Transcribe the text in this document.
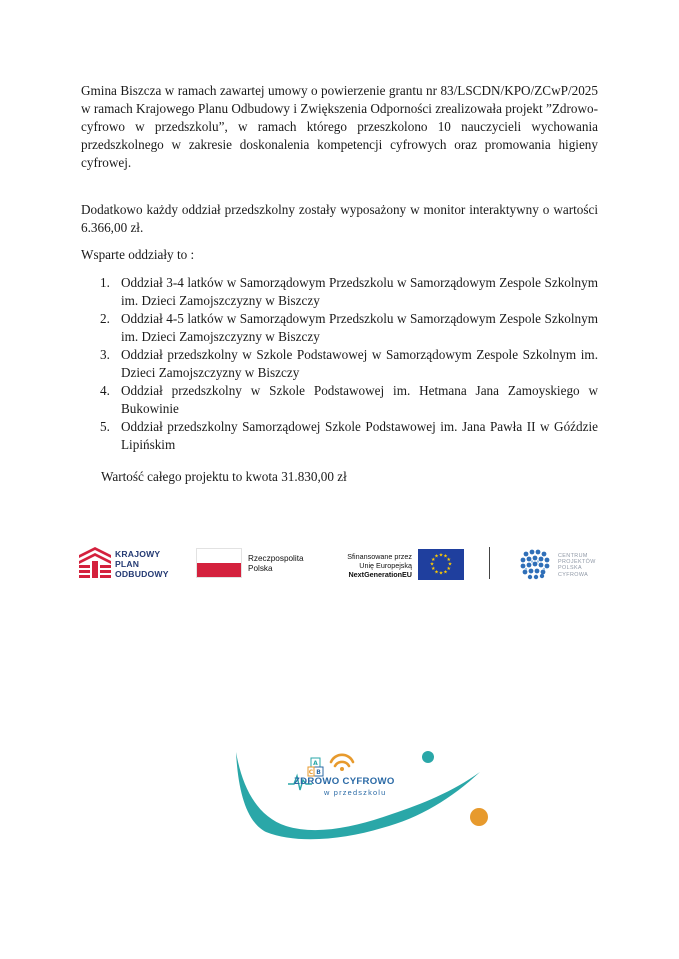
Gmina Biszcza w ramach zawartej umowy o powierzenie grantu nr 83/LSCDN/KPO/ZCwP/2025 w ramach Krajowego Planu Odbudowy i Zwiększenia Odporności zrealizowała projekt ”Zdrowo-cyfrowo w przedszkolu”, w ramach którego przeszkolono 10 nauczycieli wychowania przedszkolnego w zakresie doskonalenia kompetencji cyfrowych oraz promowania higieny cyfrowej.
Dodatkowo każdy oddział przedszkolny zostały wyposażony w monitor interaktywny o wartości 6.366,00 zł.
Wsparte oddziały to :
1. Oddział 3-4 latków w Samorządowym Przedszkolu w Samorządowym Zespole Szkolnym im. Dzieci Zamojszczyzny w Biszczy
2. Oddział 4-5 latków w Samorządowym Przedszkolu w Samorządowym Zespole Szkolnym im. Dzieci Zamojszczyzny w Biszczy
3. Oddział przedszkolny w Szkole Podstawowej w Samorządowym Zespole Szkolnym im. Dzieci Zamojszczyzny w Biszczy
4. Oddział przedszkolny w Szkole Podstawowej im. Hetmana Jana Zamoyskiego w Bukowinie
5. Oddział przedszkolny Samorządowej Szkole Podstawowej im. Jana Pawła II w Góździe Lipińskim
Wartość całego projektu to kwota 31.830,00 zł
KRAJOWY
PLAN
ODBUDOWY
Rzeczpospolita
Polska
Sfinansowane przez
Unię Europejską
NextGenerationEU
★ ★
★
★
★
★
★
★
★
★
★
★	CENTRUM
PROJEKTÓW
POLSKA
CYFROWA
A
B
C
ZDROWO CYFROWO
w przedszkolu
